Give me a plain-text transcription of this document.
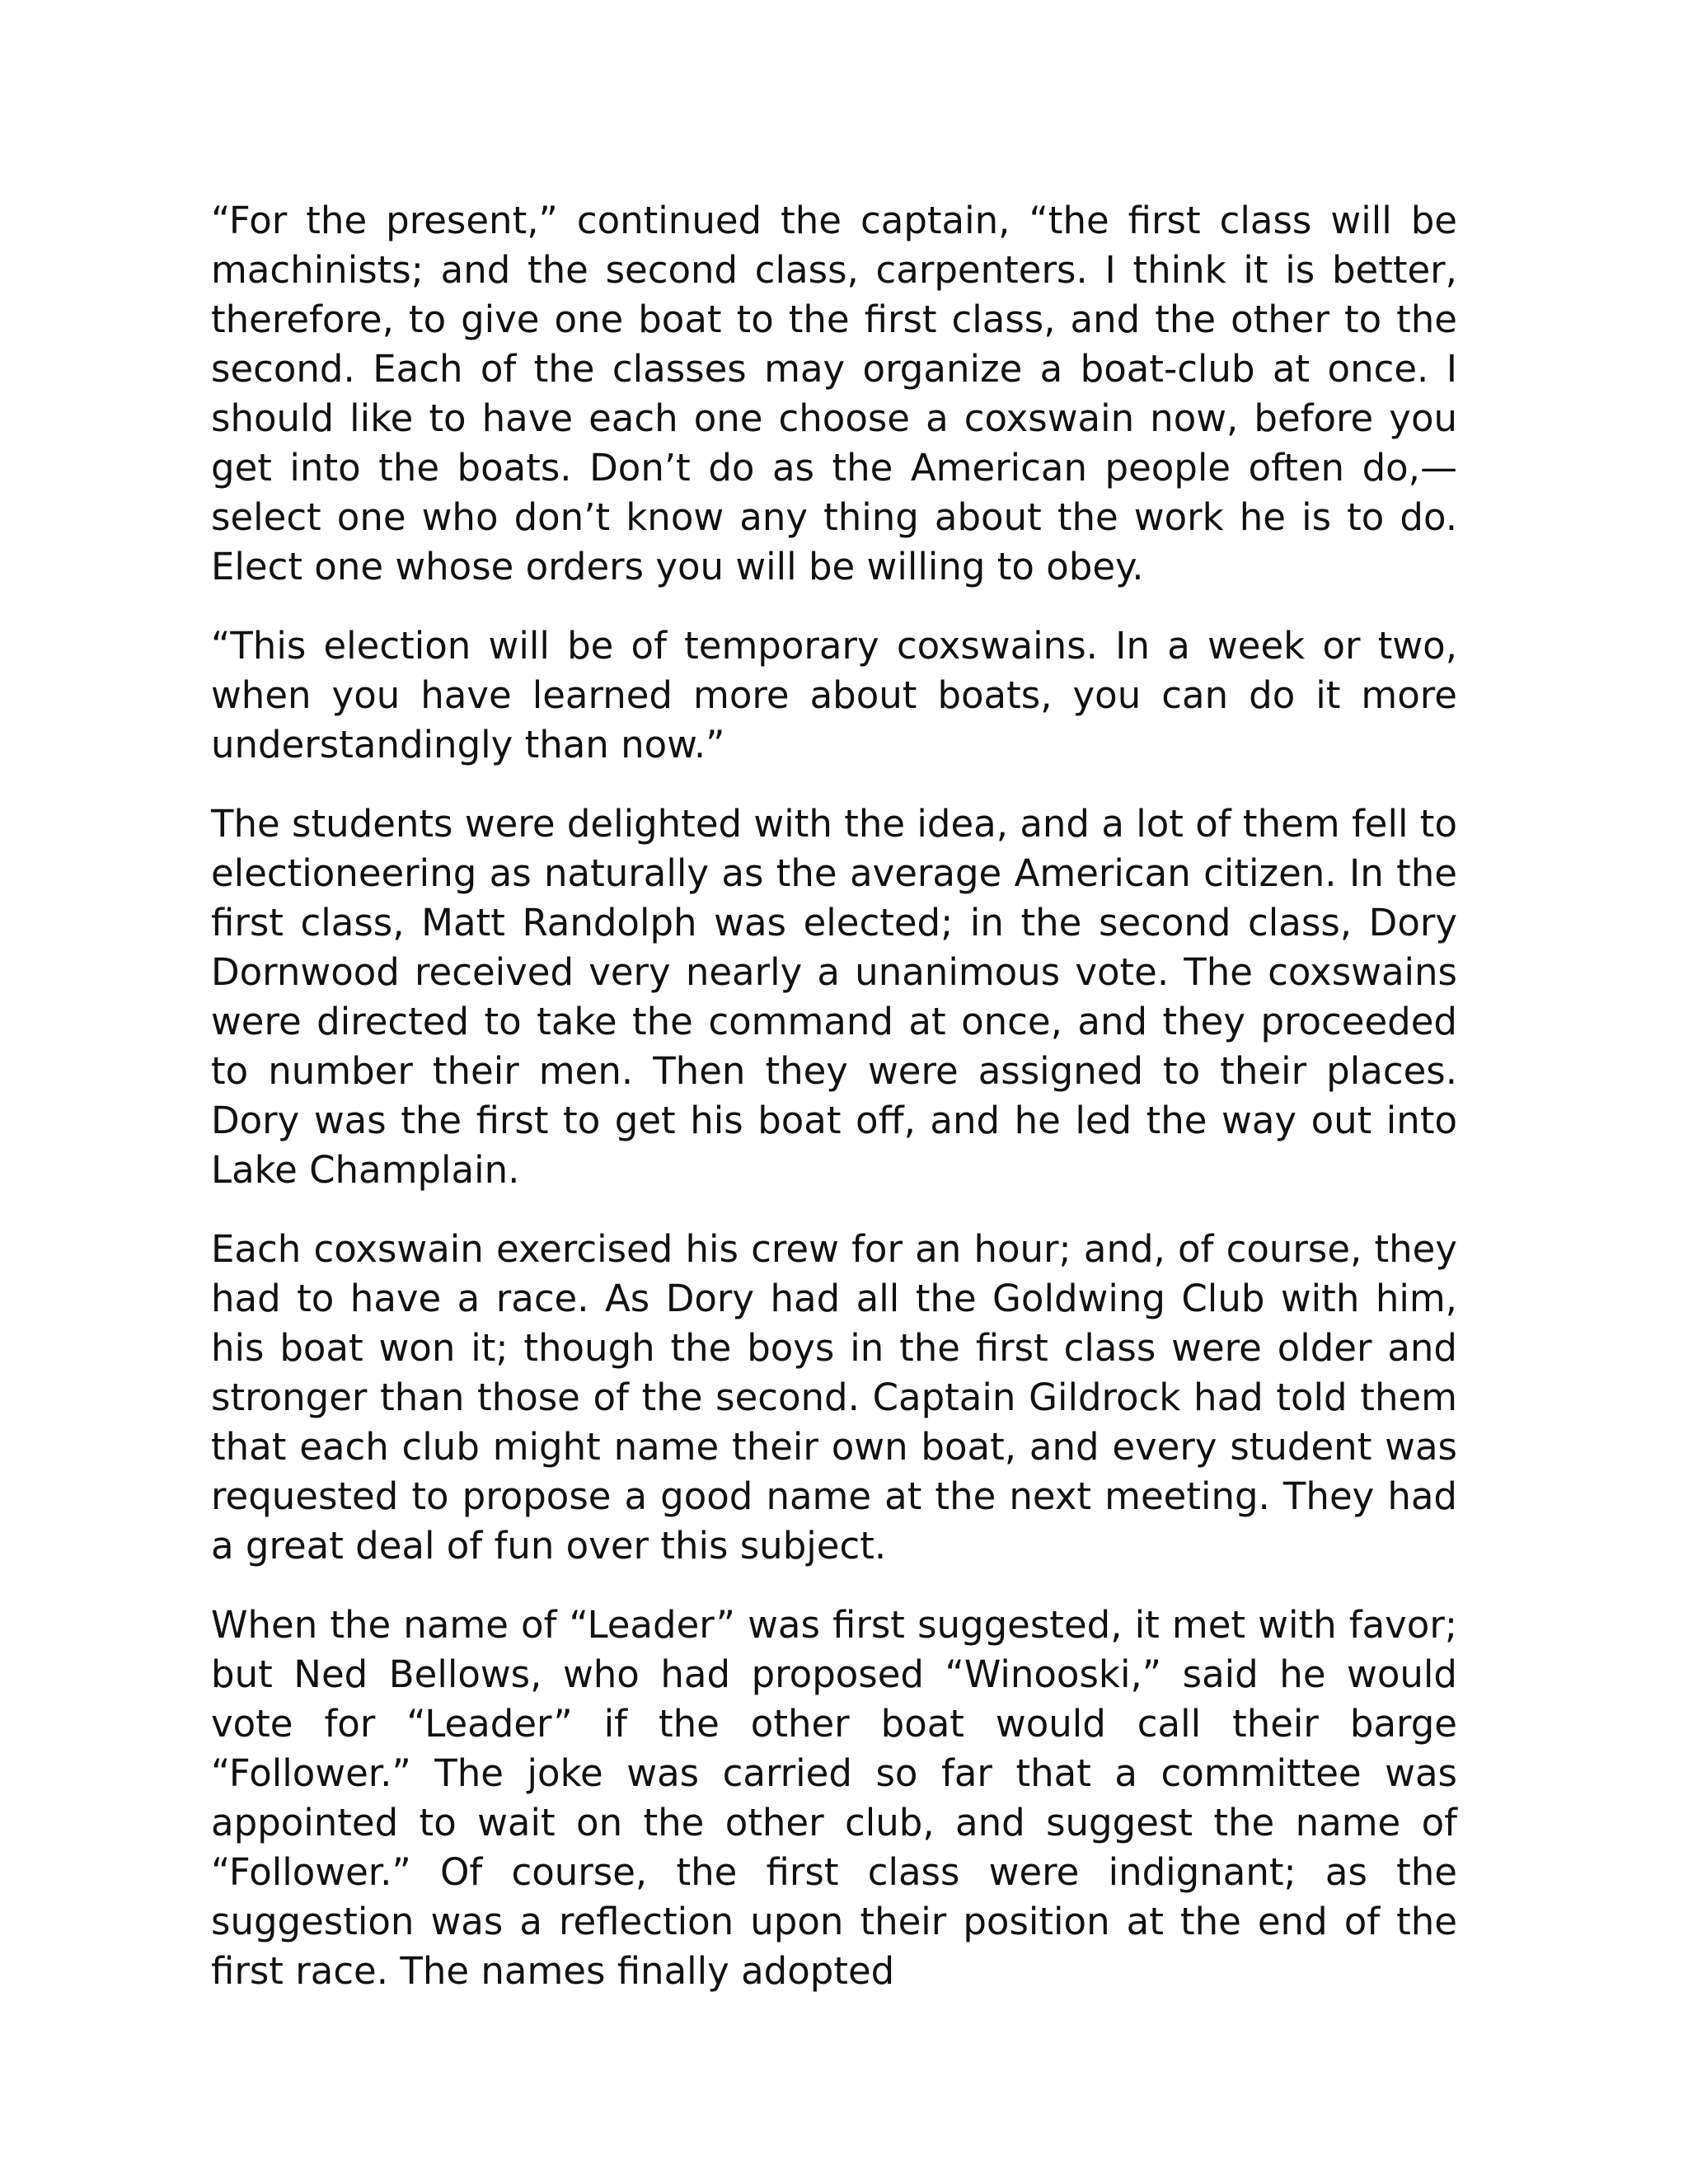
“For the present,” continued the captain, “the first class will be machinists; and the second class, carpenters. I think it is better, therefore, to give one boat to the first class, and the other to the second. Each of the classes may organize a boat-club at once. I should like to have each one choose a coxswain now, before you get into the boats. Don’t do as the American people often do,—select one who don’t know any thing about the work he is to do. Elect one whose orders you will be willing to obey.

“This election will be of temporary coxswains. In a week or two, when you have learned more about boats, you can do it more understandingly than now.”

The students were delighted with the idea, and a lot of them fell to electioneering as naturally as the average American citizen. In the first class, Matt Randolph was elected; in the second class, Dory Dornwood received very nearly a unanimous vote. The coxswains were directed to take the command at once, and they proceeded to number their men. Then they were assigned to their places. Dory was the first to get his boat off, and he led the way out into Lake Champlain.

Each coxswain exercised his crew for an hour; and, of course, they had to have a race. As Dory had all the Goldwing Club with him, his boat won it; though the boys in the first class were older and stronger than those of the second. Captain Gildrock had told them that each club might name their own boat, and every student was requested to propose a good name at the next meeting. They had a great deal of fun over this subject.

When the name of “Leader” was first suggested, it met with favor; but Ned Bellows, who had proposed “Winooski,” said he would vote for “Leader” if the other boat would call their barge “Follower.” The joke was carried so far that a committee was appointed to wait on the other club, and suggest the name of “Follower.” Of course, the first class were indignant; as the suggestion was a reflection upon their position at the end of the first race. The names finally adopted
